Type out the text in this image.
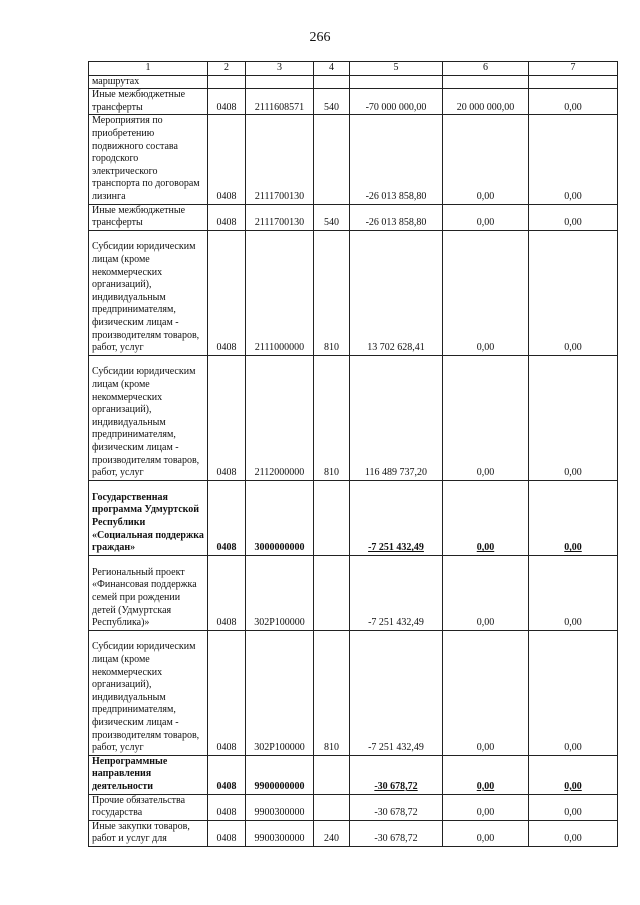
266
1	2	3	4	5	6	7
маршрутах						
Иные межбюджетные трансферты	0408	2111608571	540	-70 000 000,00	20 000 000,00	0,00
Мероприятия по приобретению подвижного состава городского электрического транспорта по договорам лизинга	0408	2111700130		-26 013 858,80	0,00	0,00
Иные межбюджетные трансферты	0408	2111700130	540	-26 013 858,80	0,00	0,00
Субсидии юридическим лицам (кроме некоммерческих организаций), индивидуальным предпринимателям, физическим лицам - производителям товаров, работ, услуг	0408	2111000000	810	13 702 628,41	0,00	0,00
Субсидии юридическим лицам (кроме некоммерческих организаций), индивидуальным предпринимателям, физическим лицам - производителям товаров, работ, услуг	0408	2112000000	810	116 489 737,20	0,00	0,00
Государственная программа Удмуртской Республики «Социальная поддержка граждан»	0408	3000000000		-7 251 432,49	0,00	0,00
Региональный проект «Финансовая поддержка семей при рождении детей (Удмуртская Республика)»	0408	302P100000		-7 251 432,49	0,00	0,00
Субсидии юридическим лицам (кроме некоммерческих организаций), индивидуальным предпринимателям, физическим лицам - производителям товаров, работ, услуг	0408	302P100000	810	-7 251 432,49	0,00	0,00
Непрограммные направления деятельности	0408	9900000000		-30 678,72	0,00	0,00
Прочие обязательства государства	0408	9900300000		-30 678,72	0,00	0,00
Иные закупки товаров, работ и услуг для	0408	9900300000	240	-30 678,72	0,00	0,00
